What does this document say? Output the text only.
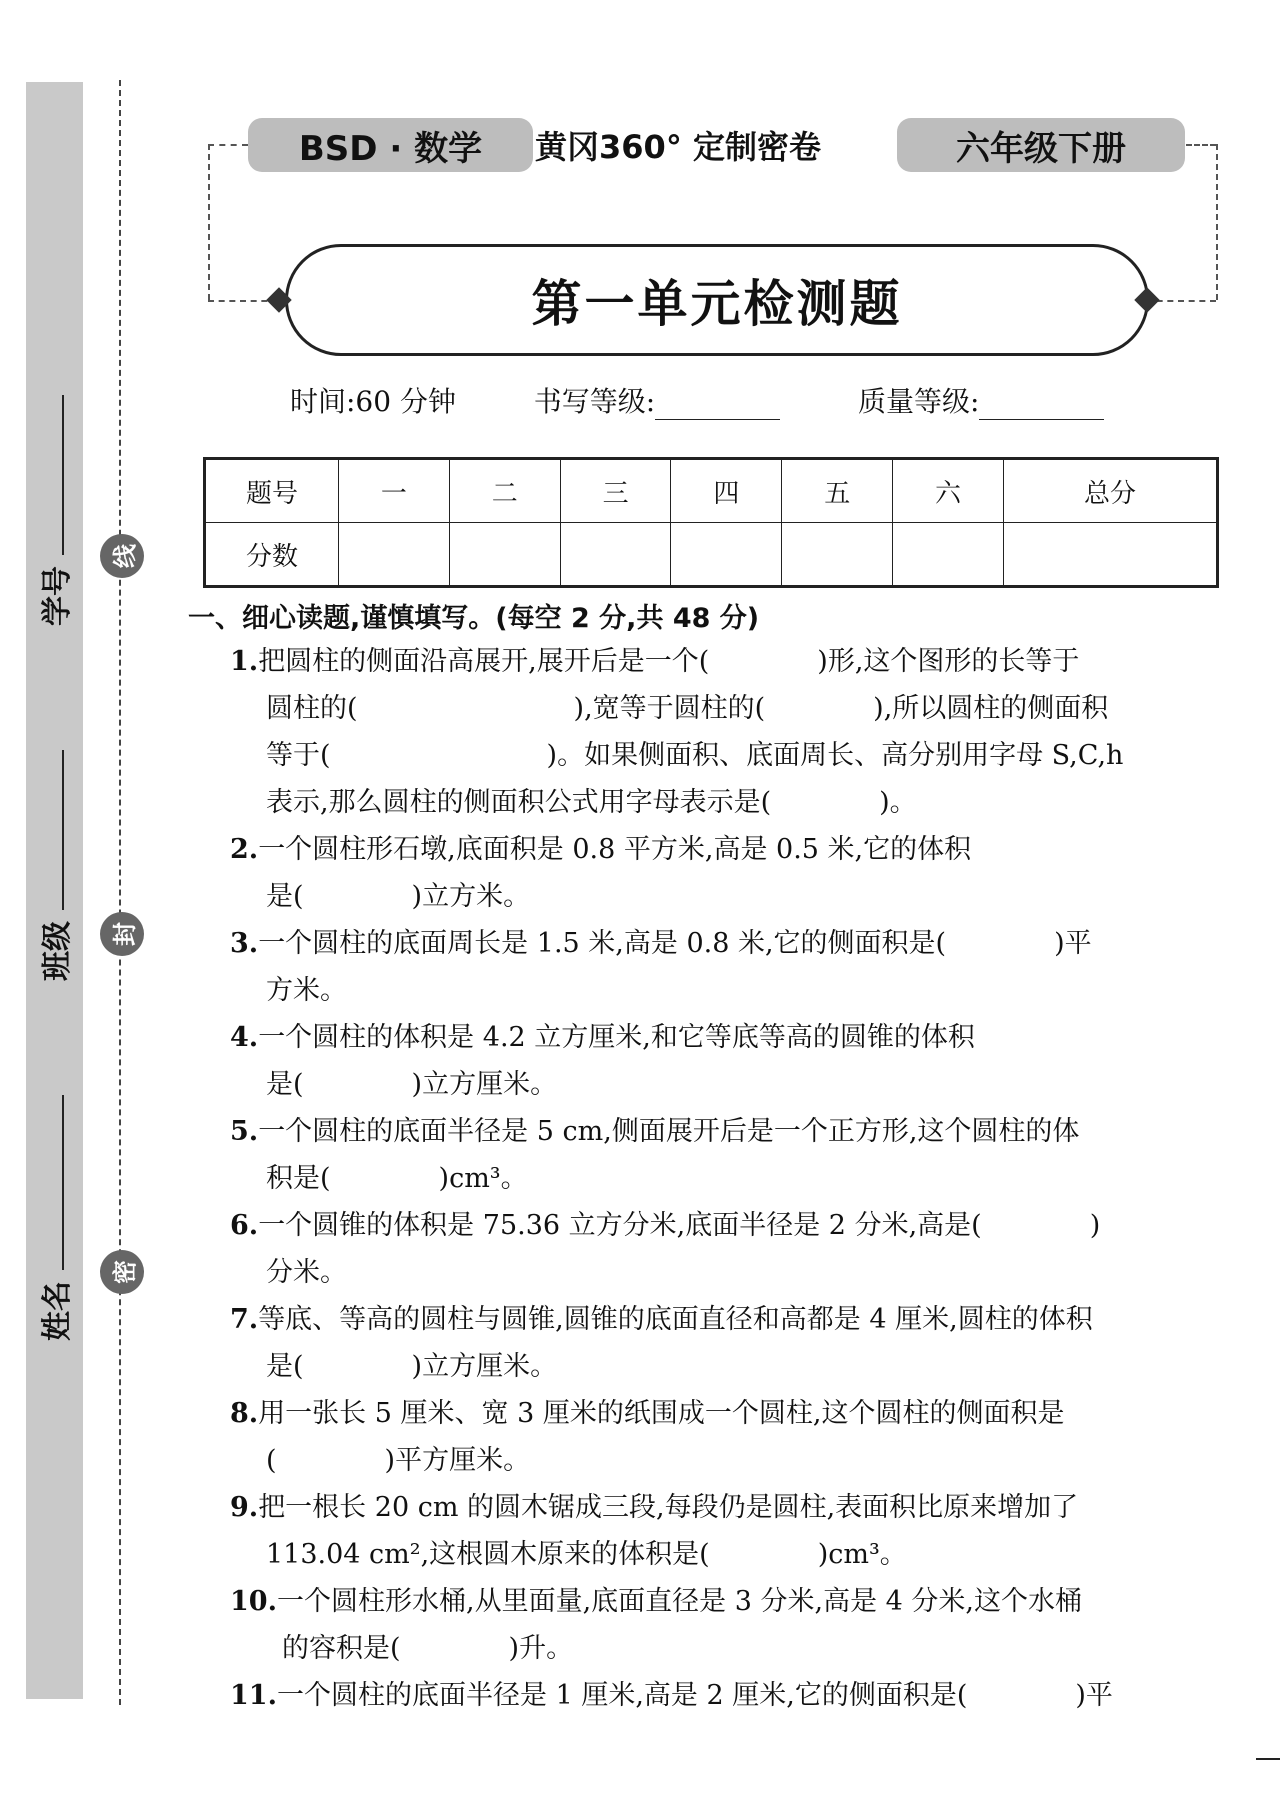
学号
班级
姓名
线
封
密
BSD · 数学	黄冈360° 定制密卷	六年级下册
第一单元检测题
时间:60 分钟	书写等级:	质量等级:
题号	一	二	三	四	五	六	总分
分数							
一、细心读题,谨慎填写。(每空 2 分,共 48 分)
1.把圆柱的侧面沿高展开,展开后是一个(　　　　)形,这个图形的长等于
圆柱的(　　　　　　　　),宽等于圆柱的(　　　　),所以圆柱的侧面积
等于(　　　　　　　　)。如果侧面积、底面周长、高分别用字母 S,C,h
表示,那么圆柱的侧面积公式用字母表示是(　　　　)。
2.一个圆柱形石墩,底面积是 0.8 平方米,高是 0.5 米,它的体积
是(　　　　)立方米。
3.一个圆柱的底面周长是 1.5 米,高是 0.8 米,它的侧面积是(　　　　)平
方米。
4.一个圆柱的体积是 4.2 立方厘米,和它等底等高的圆锥的体积
是(　　　　)立方厘米。
5.一个圆柱的底面半径是 5 cm,侧面展开后是一个正方形,这个圆柱的体
积是(　　　　)cm³。
6.一个圆锥的体积是 75.36 立方分米,底面半径是 2 分米,高是(　　　　)
分米。
7.等底、等高的圆柱与圆锥,圆锥的底面直径和高都是 4 厘米,圆柱的体积
是(　　　　)立方厘米。
8.用一张长 5 厘米、宽 3 厘米的纸围成一个圆柱,这个圆柱的侧面积是
(　　　　)平方厘米。
9.把一根长 20 cm 的圆木锯成三段,每段仍是圆柱,表面积比原来增加了
113.04 cm²,这根圆木原来的体积是(　　　　)cm³。
10.一个圆柱形水桶,从里面量,底面直径是 3 分米,高是 4 分米,这个水桶
的容积是(　　　　)升。
11.一个圆柱的底面半径是 1 厘米,高是 2 厘米,它的侧面积是(　　　　)平
